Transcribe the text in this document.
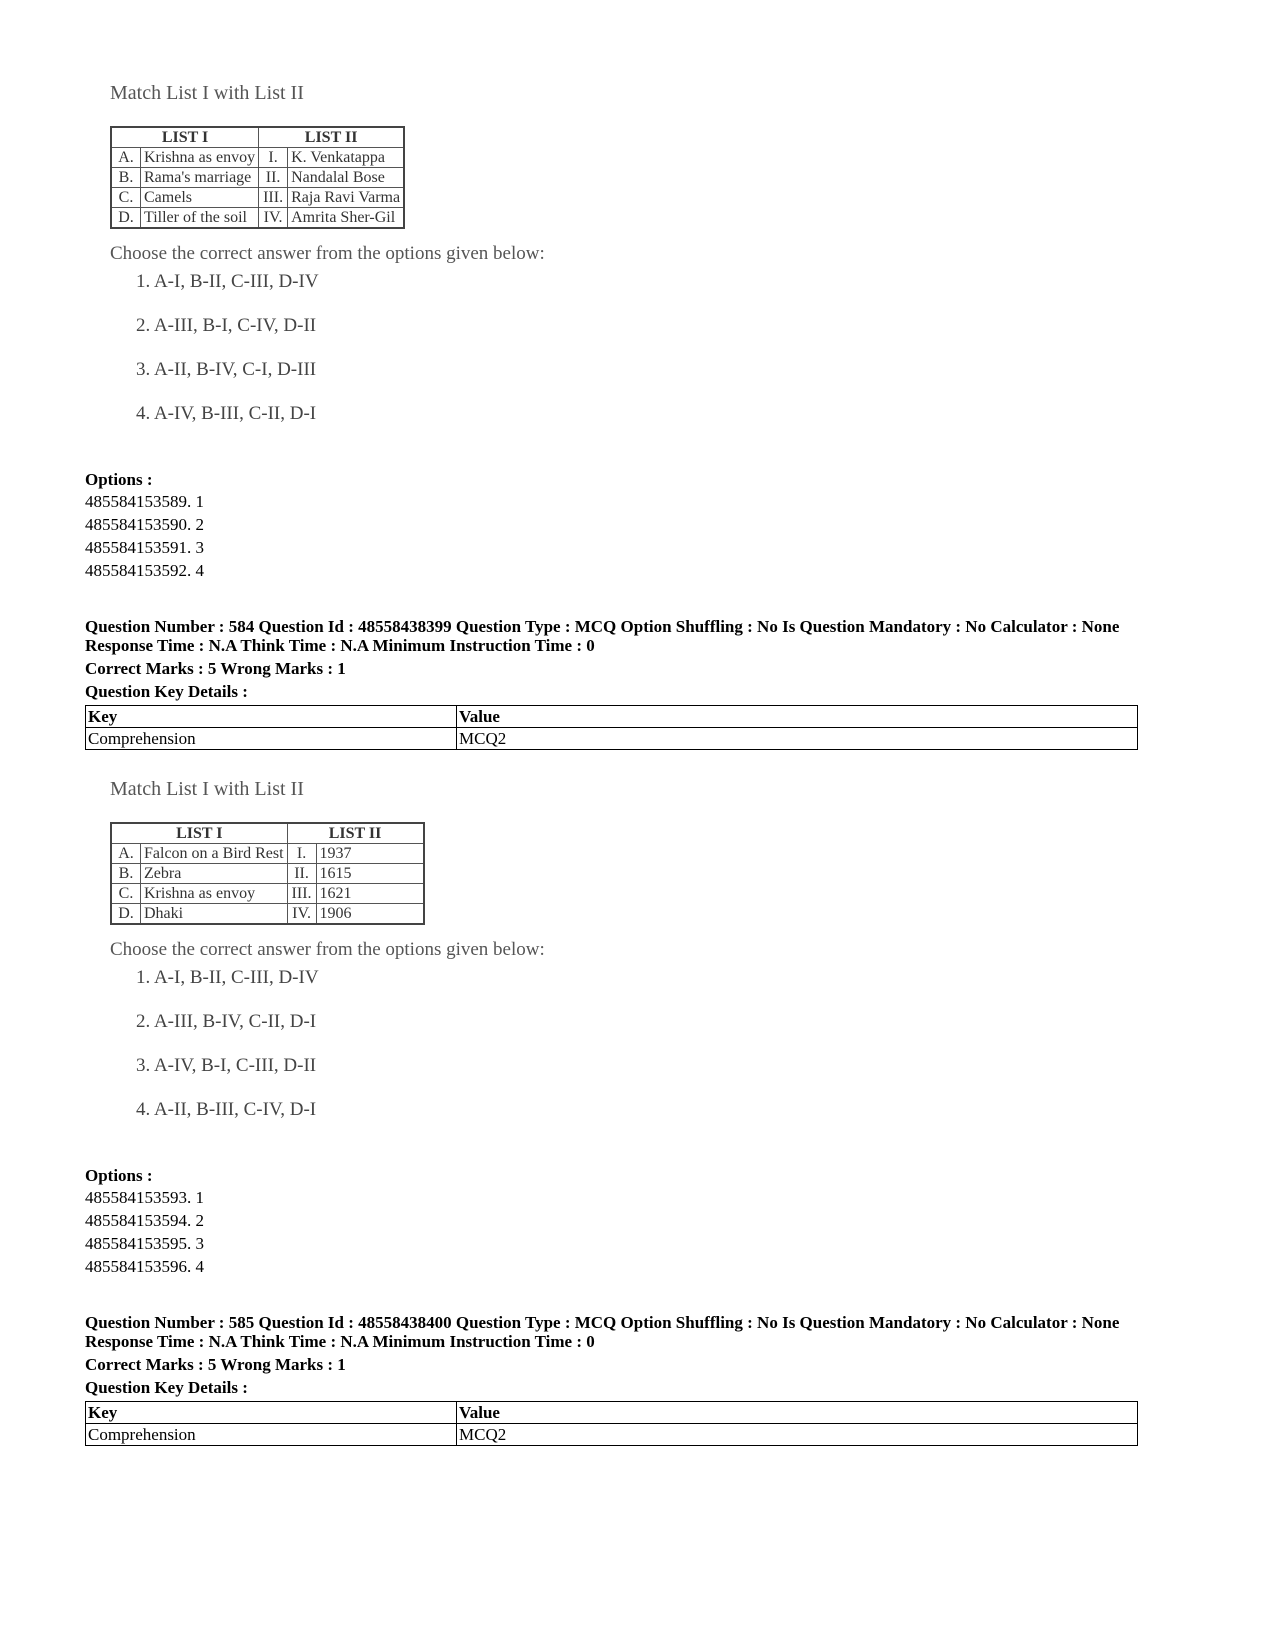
Match List I with List II
LIST I		LIST II	
A.	Krishna as envoy	I.	K. Venkatappa
B.	Rama's marriage	II.	Nandalal Bose
C.	Camels	III.	Raja Ravi Varma
D.	Tiller of the soil	IV.	Amrita Sher-Gil
Choose the correct answer from the options given below:
1. A-I, B-II, C-III, D-IV
2. A-III, B-I, C-IV, D-II
3. A-II, B-IV, C-I, D-III
4. A-IV, B-III, C-II, D-I
Options :
485584153589. 1
485584153590. 2
485584153591. 3
485584153592. 4
Question Number : 584 Question Id : 48558438399 Question Type : MCQ Option Shuffling : No Is Question Mandatory : No Calculator : None
Response Time : N.A Think Time : N.A Minimum Instruction Time : 0
Correct Marks : 5 Wrong Marks : 1
Question Key Details :
Key	Value
Comprehension	MCQ2
Match List I with List II
LIST I		LIST II	
A.	Falcon on a Bird Rest	I.	1937
B.	Zebra	II.	1615
C.	Krishna as envoy	III.	1621
D.	Dhaki	IV.	1906
Choose the correct answer from the options given below:
1. A-I, B-II, C-III, D-IV
2. A-III, B-IV, C-II, D-I
3. A-IV, B-I, C-III, D-II
4. A-II, B-III, C-IV, D-I
Options :
485584153593. 1
485584153594. 2
485584153595. 3
485584153596. 4
Question Number : 585 Question Id : 48558438400 Question Type : MCQ Option Shuffling : No Is Question Mandatory : No Calculator : None
Response Time : N.A Think Time : N.A Minimum Instruction Time : 0
Correct Marks : 5 Wrong Marks : 1
Question Key Details :
Key	Value
Comprehension	MCQ2
